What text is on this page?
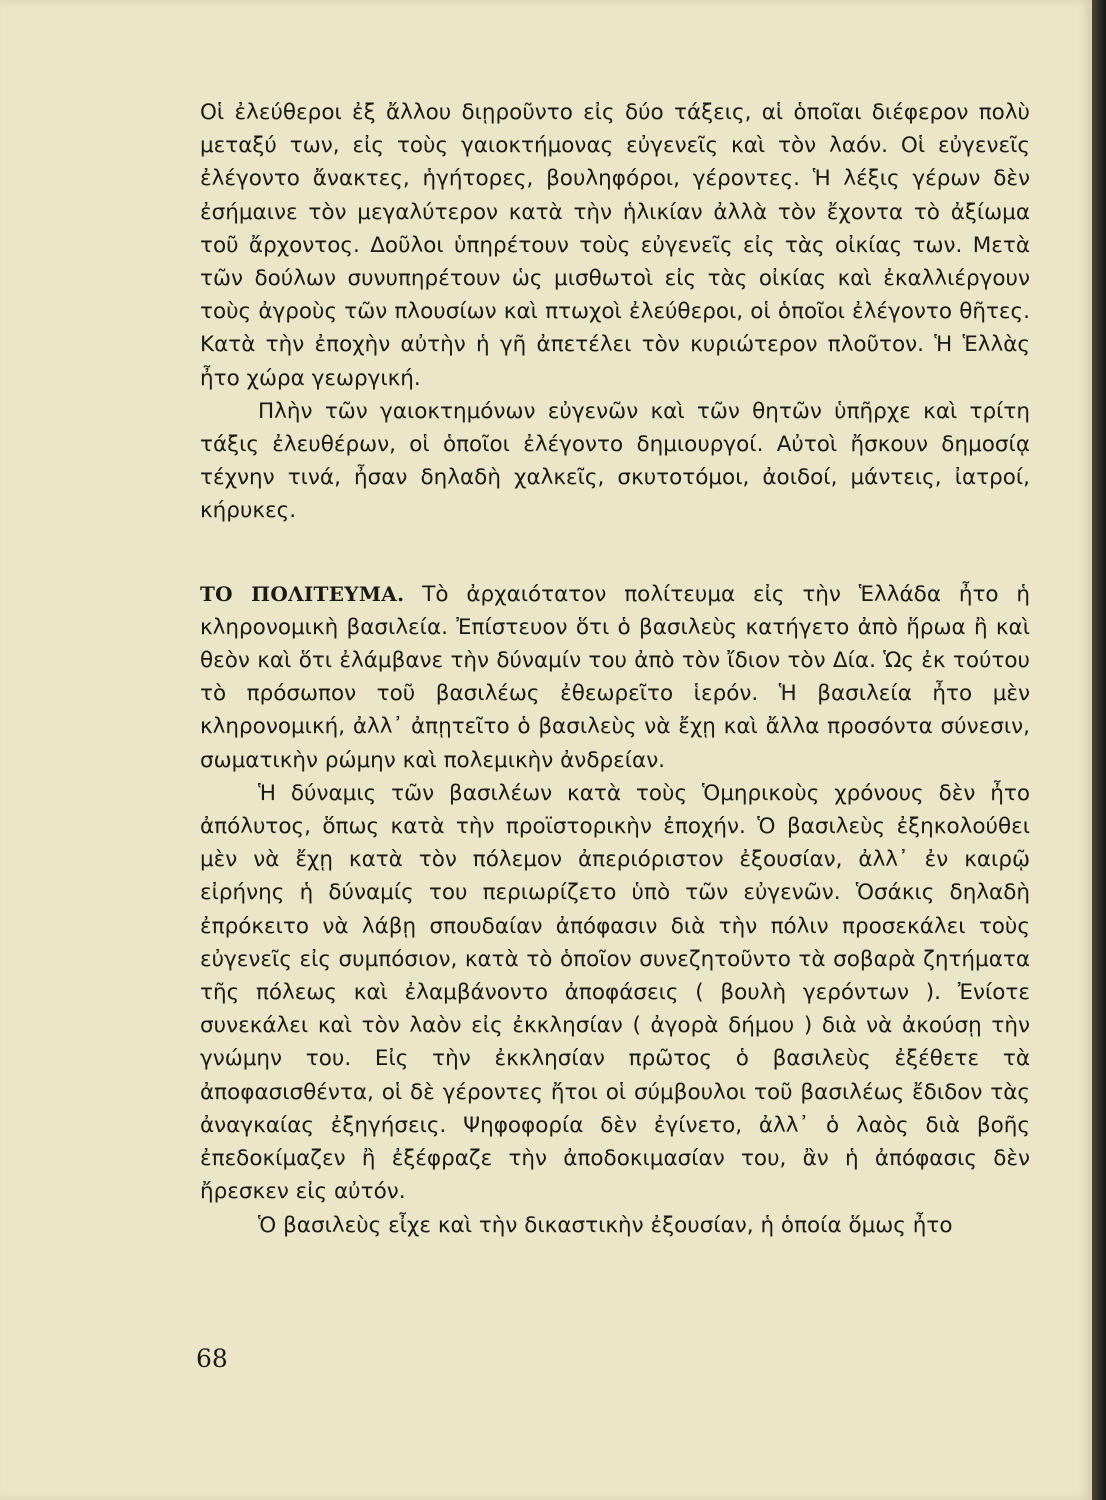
Οἱ ἐλεύθεροι ἐξ ἄλλου διῃροῦντο εἰς δύο τάξεις, αἱ ὁποῖαι διέφερον πολὺ μεταξύ των, εἰς τοὺς γαιοκτήμονας εὐγενεῖς καὶ τὸν λαόν. Οἱ εὐγενεῖς ἐλέγοντο ἄνακτες, ἡγήτορες, βουληφόροι, γέροντες. Ἡ λέξις γέρων δὲν ἐσήμαινε τὸν μεγαλύτερον κατὰ τὴν ἡλικίαν ἀλλὰ τὸν ἔχοντα τὸ ἀξίωμα τοῦ ἄρχοντος. Δοῦλοι ὑπηρέτουν τοὺς εὐγενεῖς εἰς τὰς οἰκίας των. Μετὰ τῶν δούλων συνυπηρέτουν ὡς μισθωτοὶ εἰς τὰς οἰκίας καὶ ἐκαλλιέργουν τοὺς ἀγροὺς τῶν πλουσίων καὶ πτωχοὶ ἐλεύθεροι, οἱ ὁποῖοι ἐλέγοντο θῆτες. Κατὰ τὴν ἐποχὴν αὐτὴν ἡ γῆ ἀπετέλει τὸν κυριώτερον πλοῦτον. Ἡ Ἑλλὰς ἦτο χώρα γεωργική.

Πλὴν τῶν γαιοκτημόνων εὐγενῶν καὶ τῶν θητῶν ὑπῆρχε καὶ τρίτη τάξις ἐλευθέρων, οἱ ὁποῖοι ἐλέγοντο δημιουργοί. Αὐτοὶ ἤσκουν δημοσίᾳ τέχνην τινά, ἦσαν δηλαδὴ χαλκεῖς, σκυτοτόμοι, ἀοιδοί, μάντεις, ἰατροί, κήρυκες.

ΤΟ ΠΟΛΙΤΕΥΜΑ. Τὸ ἀρχαιότατον πολίτευμα εἰς τὴν Ἑλλάδα ἦτο ἡ κληρονομικὴ βασιλεία. Ἐπίστευον ὅτι ὁ βασιλεὺς κατήγετο ἀπὸ ἥρωα ἢ καὶ θεὸν καὶ ὅτι ἐλάμβανε τὴν δύναμίν του ἀπὸ τὸν ἴδιον τὸν Δία. Ὡς ἐκ τούτου τὸ πρόσωπον τοῦ βασιλέως ἐθεωρεῖτο ἱερόν. Ἡ βασιλεία ἦτο μὲν κληρονομική, ἀλλ᾽ ἀπῃτεῖτο ὁ βασιλεὺς νὰ ἔχῃ καὶ ἄλλα προσόντα σύνεσιν, σωματικὴν ρώμην καὶ πολεμικὴν ἀνδρείαν.

Ἡ δύναμις τῶν βασιλέων κατὰ τοὺς Ὁμηρικοὺς χρόνους δὲν ἦτο ἀπόλυτος, ὅπως κατὰ τὴν προϊστορικὴν ἐποχήν. Ὁ βασιλεὺς ἐξηκολούθει μὲν νὰ ἔχῃ κατὰ τὸν πόλεμον ἀπεριόριστον ἐξουσίαν, ἀλλ᾽ ἐν καιρῷ εἰρήνης ἡ δύναμίς του περιωρίζετο ὑπὸ τῶν εὐγενῶν. Ὁσάκις δηλαδὴ ἐπρόκειτο νὰ λάβῃ σπουδαίαν ἀπόφασιν διὰ τὴν πόλιν προσεκάλει τοὺς εὐγενεῖς εἰς συμπόσιον, κατὰ τὸ ὁποῖον συνεζητοῦντο τὰ σοβαρὰ ζητήματα τῆς πόλεως καὶ ἐλαμβάνοντο ἀποφάσεις ( βουλὴ γερόντων ). Ἐνίοτε συνεκάλει καὶ τὸν λαὸν εἰς ἐκκλησίαν ( ἀγορὰ δήμου ) διὰ νὰ ἀκούσῃ τὴν γνώμην του. Εἰς τὴν ἐκκλησίαν πρῶτος ὁ βασιλεὺς ἐξέθετε τὰ ἀποφασισθέντα, οἱ δὲ γέροντες ἤτοι οἱ σύμβουλοι τοῦ βασιλέως ἔδιδον τὰς ἀναγκαίας ἐξηγήσεις. Ψηφοφορία δὲν ἐγίνετο, ἀλλ᾽ ὁ λαὸς διὰ βοῆς ἐπεδοκίμαζεν ἢ ἐξέφραζε τὴν ἀποδοκιμασίαν του, ἂν ἡ ἀπόφασις δὲν ἤρεσκεν εἰς αὐτόν.

Ὁ βασιλεὺς εἶχε καὶ τὴν δικαστικὴν ἐξουσίαν, ἡ ὁποία ὅμως ἦτο

68
